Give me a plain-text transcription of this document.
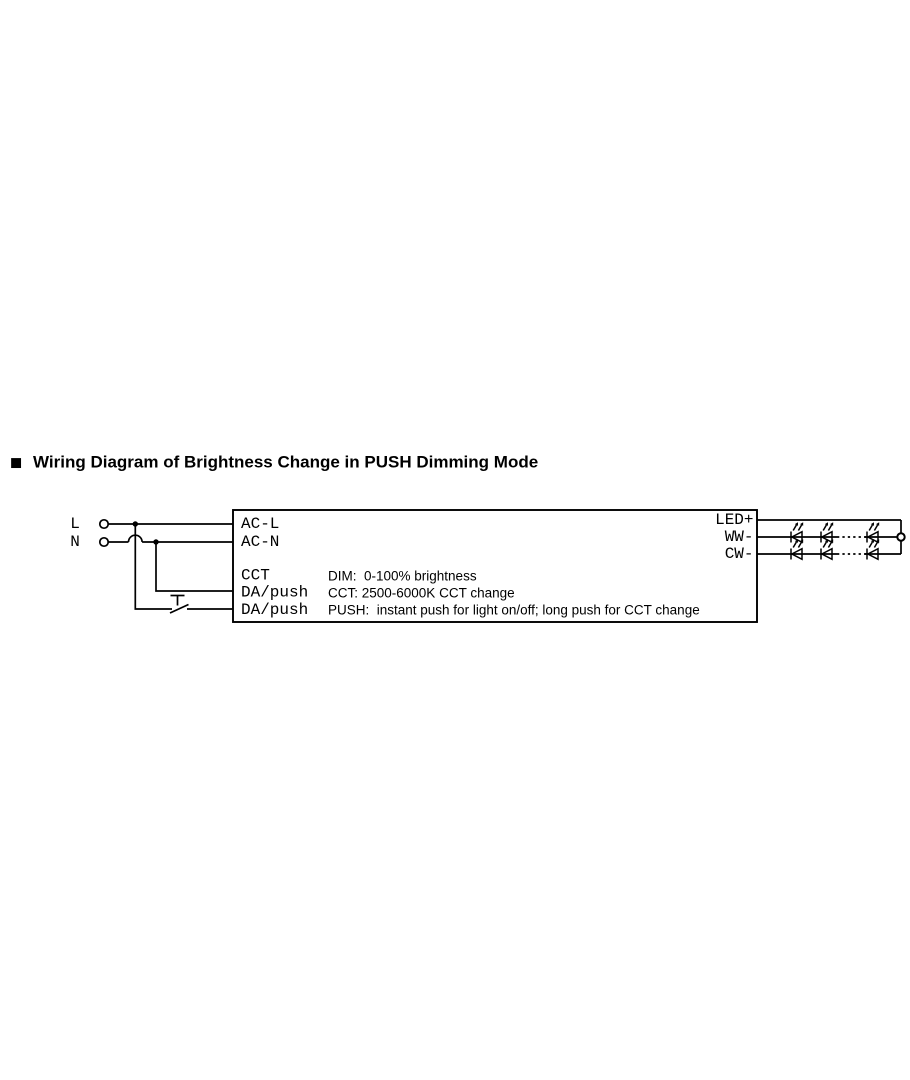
■ Wiring Diagram of Brightness Change in PUSH Dimming Mode
L
N
AC-L
AC-N
CCT
DA/push
DA/push
DIM:  0-100% brightness
CCT: 2500-6000K CCT change
PUSH:  instant push for light on/off; long push for CCT change
LED+
WW-
CW-
